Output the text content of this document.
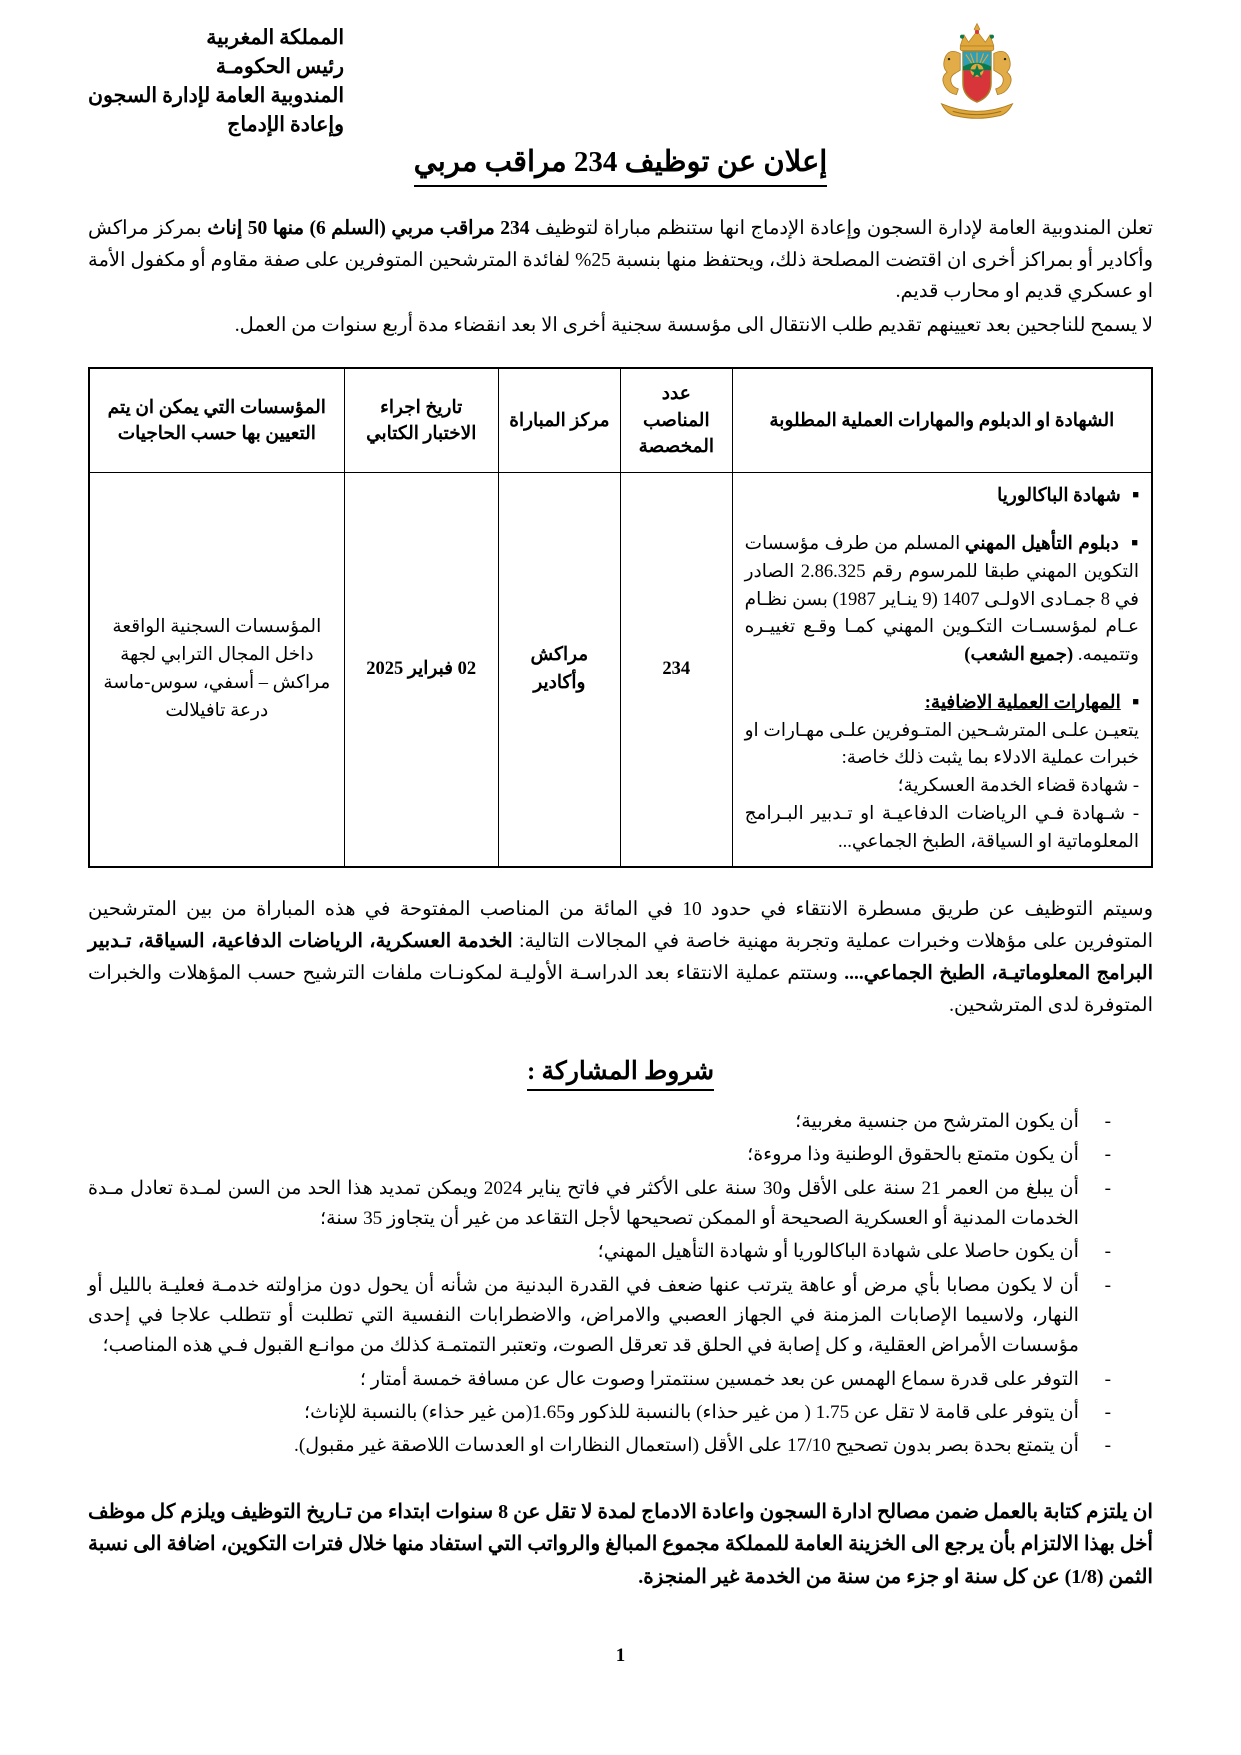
المملكة المغربية
رئيس الحكومـة
المندوبية العامة لإدارة السجون
وإعادة الإدماج
إعلان عن توظيف 234 مراقب مربي

تعلن المندوبية العامة لإدارة السجون وإعادة الإدماج انها ستنظم مباراة لتوظيف 234 مراقب مربي (السلم 6) منها 50 إناث بمركز مراكش وأكادير أو بمراكز أخرى ان اقتضت المصلحة ذلك، ويحتفظ منها بنسبة 25% لفائدة المترشحين المتوفرين على صفة مقاوم أو مكفول الأمة او عسكري قديم او محارب قديم.

لا يسمح للناجحين بعد تعيينهم تقديم طلب الانتقال الى مؤسسة سجنية أخرى الا بعد انقضاء مدة أربع سنوات من العمل.

الشهادة او الدبلوم والمهارات العملية المطلوبة	عدد المناصب المخصصة	مركز المباراة	تاريخ اجراء الاختبار الكتابي	المؤسسات التي يمكن ان يتم التعيين بها حسب الحاجيات

■ شهادة الباكالوريا

■ دبلوم التأهيل المهني المسلم من طرف مؤسسات التكوين المهني طبقا للمرسوم رقم 2.86.325 الصادر في 8 جمـادى الاولـى 1407 (9 ينـاير 1987) بسن نظـام عـام لمؤسسـات التكـوين المهني كمـا وقـع تغييـره وتتميمه. (جميع الشعب)

■ المهارات العملية الاضافية:

يتعيـن علـى المترشـحين المتـوفرين علـى مهـارات او خبرات عملية الادلاء بما يثبت ذلك خاصة:

- شهادة قضاء الخدمة العسكرية؛

- شـهادة فـي الرياضات الدفاعيـة او تـدبير البـرامج المعلوماتية او السياقة، الطبخ الجماعي...

	234	مراكش وأكادير	02 فبراير 2025	المؤسسات السجنية الواقعة داخل المجال الترابي لجهة مراكش – أسفي، سوس-ماسة درعة تافيلالت

وسيتم التوظيف عن طريق مسطرة الانتقاء في حدود 10 في المائة من المناصب المفتوحة في هذه المباراة من بين المترشحين المتوفرين على مؤهلات وخبرات عملية وتجربة مهنية خاصة في المجالات التالية: الخدمة العسكرية، الرياضات الدفاعية، السياقة، تـدبير البرامج المعلوماتيـة، الطبخ الجماعي.... وستتم عملية الانتقاء بعد الدراسـة الأوليـة لمكونـات ملفات الترشيح حسب المؤهلات والخبرات المتوفرة لدى المترشحين.

شروط المشاركة :
- أن يكون المترشح من جنسية مغربية؛
- أن يكون متمتع بالحقوق الوطنية وذا مروءة؛
- أن يبلغ من العمر 21 سنة على الأقل و30 سنة على الأكثر في فاتح يناير 2024 ويمكن تمديد هذا الحد من السن لمـدة تعادل مـدة الخدمات المدنية أو العسكرية الصحيحة أو الممكن تصحيحها لأجل التقاعد من غير أن يتجاوز 35 سنة؛
- أن يكون حاصلا على شهادة الباكالوريا أو شهادة التأهيل المهني؛
- أن لا يكون مصابا بأي مرض أو عاهة يترتب عنها ضعف في القدرة البدنية من شأنه أن يحول دون مزاولته خدمـة فعليـة بالليل أو النهار، ولاسيما الإصابات المزمنة في الجهاز العصبي والامراض، والاضطرابات النفسية التي تطلبت أو تتطلب علاجا في إحدى مؤسسات الأمراض العقلية، و كل إصابة في الحلق قد تعرقل الصوت، وتعتبر التمتمـة كذلك من موانـع القبول فـي هذه المناصب؛
- التوفر على قدرة سماع الهمس عن بعد خمسين سنتمترا وصوت عال عن مسافة خمسة أمتار ؛
- أن يتوفر على قامة لا تقل عن 1.75 ( من غير حذاء) بالنسبة للذكور و1.65(من غير حذاء) بالنسبة للإناث؛
- أن يتمتع بحدة بصر بدون تصحيح 17/10 على الأقل (استعمال النظارات او العدسات اللاصقة غير مقبول).
ان يلتزم كتابة بالعمل ضمن مصالح ادارة السجون واعادة الادماج لمدة لا تقل عن 8 سنوات ابتداء من تـاريخ التوظيف ويلزم كل موظف أخل بهذا الالتزام بأن يرجع الى الخزينة العامة للمملكة مجموع المبالغ والرواتب التي استفاد منها خلال فترات التكوين، اضافة الى نسبة الثمن (1/8) عن كل سنة او جزء من سنة من الخدمة غير المنجزة.
1
